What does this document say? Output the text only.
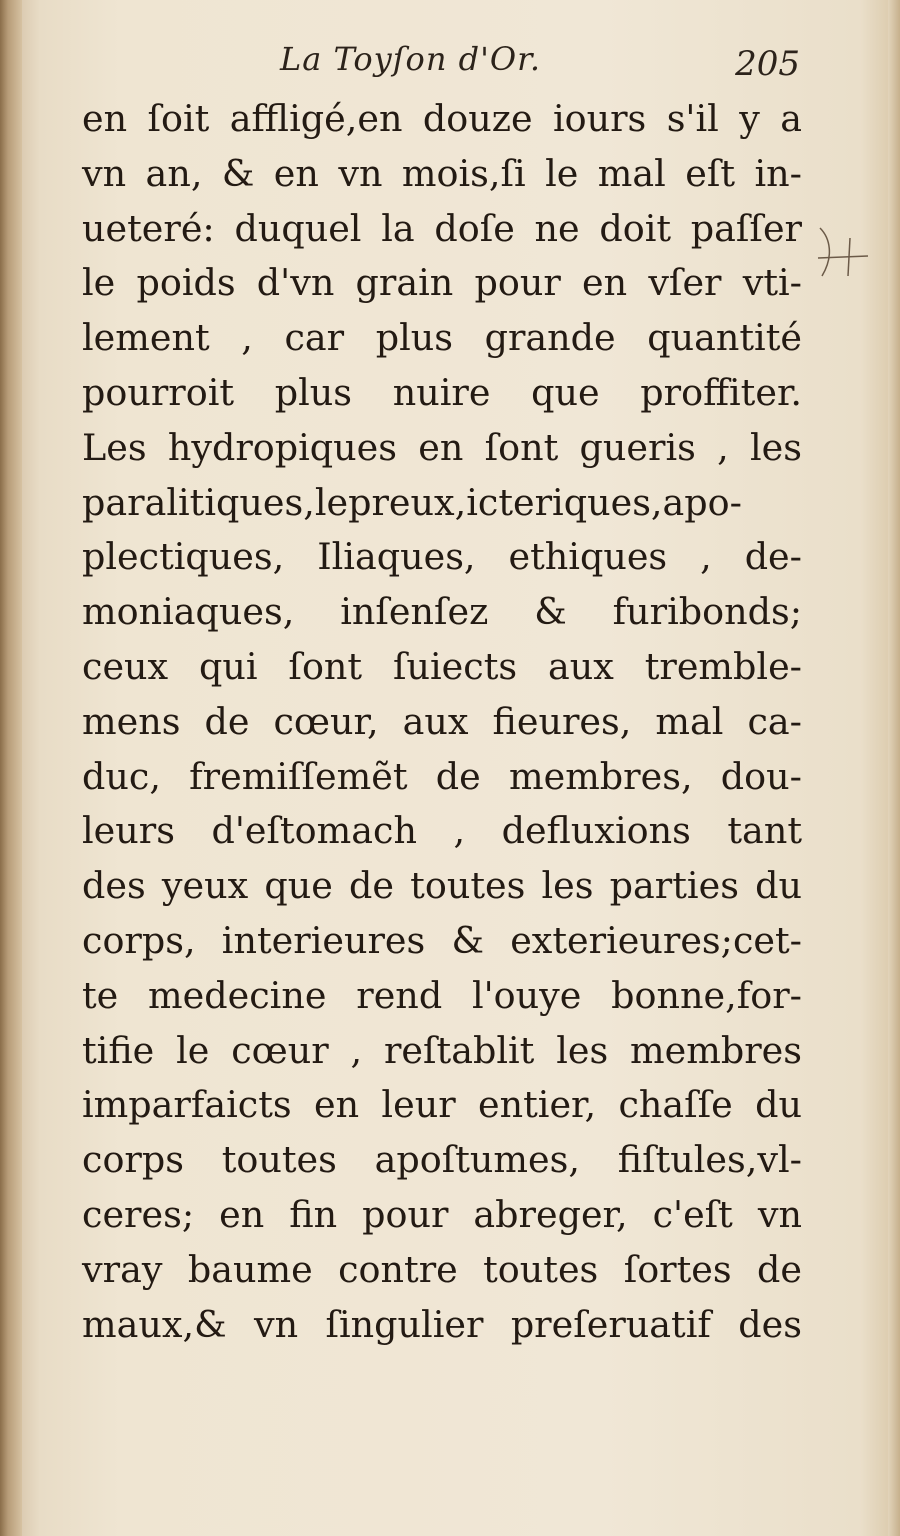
La Toyſon d'Or.	205
en ſoit affligé,en douze iours s'il y a
vn an, & en vn mois,ſi le mal eſt in-
ueteré: duquel la doſe ne doit paſſer
le poids d'vn grain pour en vſer vti-
lement , car plus grande quantité
pourroit plus nuire que proffiter.
Les hydropiques en ſont gueris , les
paralitiques,lepreux,icteriques,apo-
plectiques, Iliaques, ethiques , de-
moniaques, inſenſez & furibonds;
ceux qui ſont ſuiects aux tremble-
mens de cœur, aux fieures, mal ca-
duc, fremiſſemẽt de membres, dou-
leurs d'eſtomach , defluxions tant
des yeux que de toutes les parties du
corps, interieures & exterieures;cet-
te medecine rend l'ouye bonne,for-
tifie le cœur , reſtablit les membres
imparfaicts en leur entier, chaſſe du
corps toutes apoſtumes, fiſtules,vl-
ceres; en fin pour abreger, c'eſt vn
vray baume contre toutes ſortes de
maux,& vn ſingulier preſeruatif des
